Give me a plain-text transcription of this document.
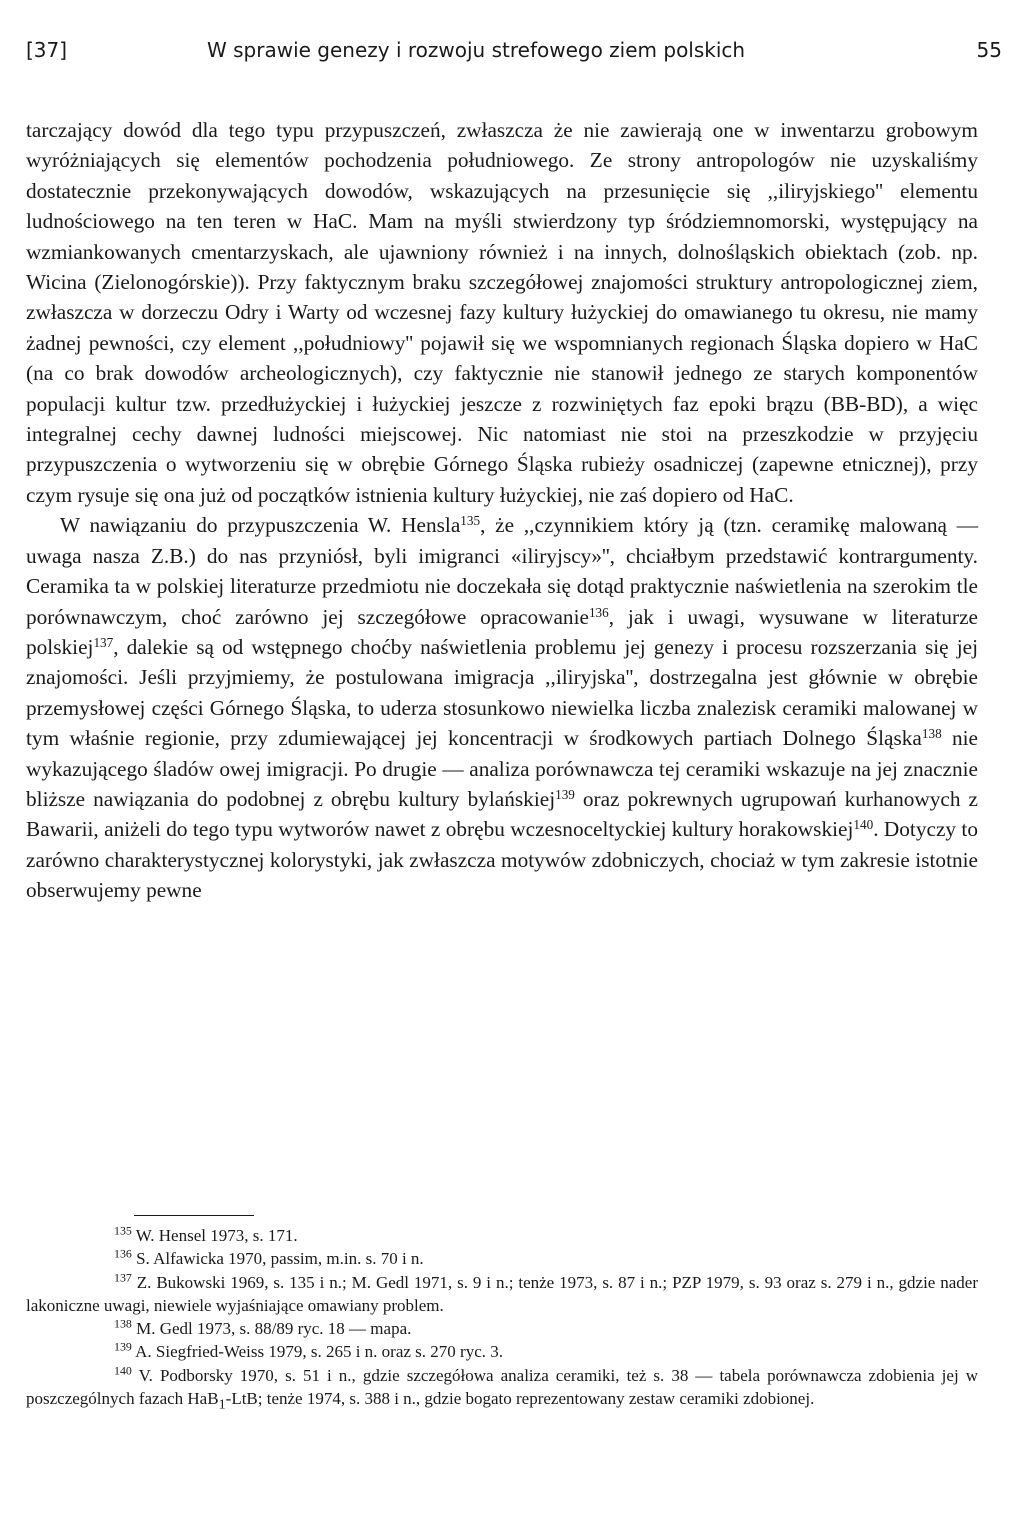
[37]	W sprawie genezy i rozwoju strefowego ziem polskich	55

tarczający dowód dla tego typu przypuszczeń, zwłaszcza że nie zawierają one w inwentarzu grobowym wyróżniających się elementów pochodzenia południowego. Ze strony antropologów nie uzyskaliśmy dostatecznie przekonywających dowodów, wskazujących na przesunięcie się ,,iliryjskiego'' elementu ludnościowego na ten teren w HaC. Mam na myśli stwierdzony typ śródziemnomorski, występujący na wzmiankowanych cmentarzyskach, ale ujawniony również i na innych, dolnośląskich obiektach (zob. np. Wicina (Zielonogórskie)). Przy faktycznym braku szczegółowej znajomości struktury antropologicznej ziem, zwłaszcza w dorzeczu Odry i Warty od wczesnej fazy kultury łużyckiej do omawianego tu okresu, nie mamy żadnej pewności, czy element ,,południowy'' pojawił się we wspomnianych regionach Śląska dopiero w HaC (na co brak dowodów archeologicznych), czy faktycznie nie stanowił jednego ze starych komponentów populacji kultur tzw. przedłużyckiej i łużyckiej jeszcze z rozwiniętych faz epoki brązu (BB-BD), a więc integralnej cechy dawnej ludności miejscowej. Nic natomiast nie stoi na przeszkodzie w przyjęciu przypuszczenia o wytworzeniu się w obrębie Górnego Śląska rubieży osadniczej (zapewne etnicznej), przy czym rysuje się ona już od początków istnienia kultury łużyckiej, nie zaś dopiero od HaC.

W nawiązaniu do przypuszczenia W. Hensla$^{135}$, że ,,czynnikiem który ją (tzn. ceramikę malowaną — uwaga nasza Z.B.) do nas przyniósł, byli imigranci «iliryjscy»'', chciałbym przedstawić kontrargumenty. Ceramika ta w polskiej literaturze przedmiotu nie doczekała się dotąd praktycznie naświetlenia na szerokim tle porównawczym, choć zarówno jej szczegółowe opracowanie$^{136}$, jak i uwagi, wysuwane w literaturze polskiej$^{137}$, dalekie są od wstępnego choćby naświetlenia problemu jej genezy i procesu rozszerzania się jej znajomości. Jeśli przyjmiemy, że postulowana imigracja ,,iliryjska'', dostrzegalna jest głównie w obrębie przemysłowej części Górnego Śląska, to uderza stosunkowo niewielka liczba znalezisk ceramiki malowanej w tym właśnie regionie, przy zdumiewającej jej koncentracji w środkowych partiach Dolnego Śląska$^{138}$ nie wykazującego śladów owej imigracji. Po drugie — analiza porównawcza tej ceramiki wskazuje na jej znacznie bliższe nawiązania do podobnej z obrębu kultury bylańskiej$^{139}$ oraz pokrewnych ugrupowań kurhanowych z Bawarii, aniżeli do tego typu wytworów nawet z obrębu wczesnoceltyckiej kultury horakowskiej$^{140}$. Dotyczy to zarówno charakterystycznej kolorystyki, jak zwłaszcza motywów zdobniczych, chociaż w tym zakresie istotnie obserwujemy pewne

$^{135}$ W. Hensel 1973, s. 171.

$^{136}$ S. Alfawicka 1970, passim, m.in. s. 70 i n.

$^{137}$ Z. Bukowski 1969, s. 135 i n.; M. Gedl 1971, s. 9 i n.; tenże 1973, s. 87 i n.; PZP 1979, s. 93 oraz s. 279 i n., gdzie nader lakoniczne uwagi, niewiele wyjaśniające omawiany problem.

$^{138}$ M. Gedl 1973, s. 88/89 ryc. 18 — mapa.

$^{139}$ A. Siegfried-Weiss 1979, s. 265 i n. oraz s. 270 ryc. 3.

$^{140}$ V. Podborsky 1970, s. 51 i n., gdzie szczegółowa analiza ceramiki, też s. 38 — tabela porównawcza zdobienia jej w poszczególnych fazach HaB$_1$-LtB; tenże 1974, s. 388 i n., gdzie bogato reprezentowany zestaw ceramiki zdobionej.
